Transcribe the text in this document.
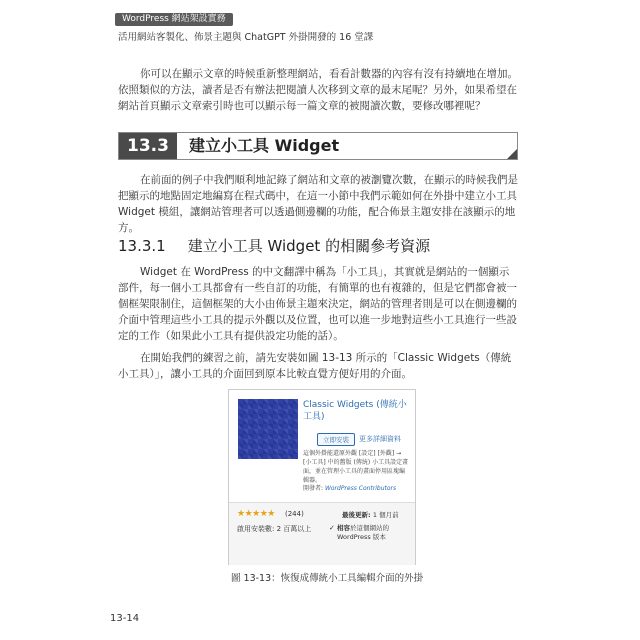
WordPress 網站架設實務
活用網站客製化、佈景主題與 ChatGPT 外掛開發的 16 堂課

你可以在顯示文章的時候重新整理網站，看看計數器的內容有沒有持續地在增加。依照類似的方法，讀者是否有辦法把閱讀人次移到文章的最末尾呢？另外，如果希望在網站首頁顯示文章索引時也可以顯示每一篇文章的被閱讀次數，要修改哪裡呢？

13.3	建立小工具 Widget

在前面的例子中我們順利地記錄了網站和文章的被瀏覽次數，在顯示的時候我們是把顯示的地點固定地編寫在程式碼中，在這一小節中我們示範如何在外掛中建立小工具 Widget 模組，讓網站管理者可以透過側邊欄的功能，配合佈景主題安排在該顯示的地方。

13.3.1 建立小工具 Widget 的相關參考資源

Widget 在 WordPress 的中文翻譯中稱為「小工具」，其實就是網站的一個顯示部件，每一個小工具都會有一些自訂的功能，有簡單的也有複雜的，但是它們都會被一個框架限制住，這個框架的大小由佈景主題來決定，網站的管理者則是可以在側邊欄的介面中管理這些小工具的提示外觀以及位置，也可以進一步地對這些小工具進行一些設定的工作（如果此小工具有提供設定功能的話）。

在開始我們的練習之前，請先安裝如圖 13-13 所示的「Classic Widgets（傳統小工具）」，讓小工具的介面回到原本比較直覺方便好用的介面。

Classic Widgets (傳統小工具)
立即安裝	更多詳細資料
這個外掛能還原外觀 [設定] [外觀] → [小工具] 中的舊版 (傳統) 小工具設定畫面，並在管理小工具的畫面停用區塊編輯器。
開發者: WordPress Contributors
★★★★★ (244)
啟用安裝數: 2 百萬以上
最後更新: 1 個月前
✓ 相容於這個網站的 WordPress 版本
圖 13-13：恢復成傳統小工具編輯介面的外掛
13-14
